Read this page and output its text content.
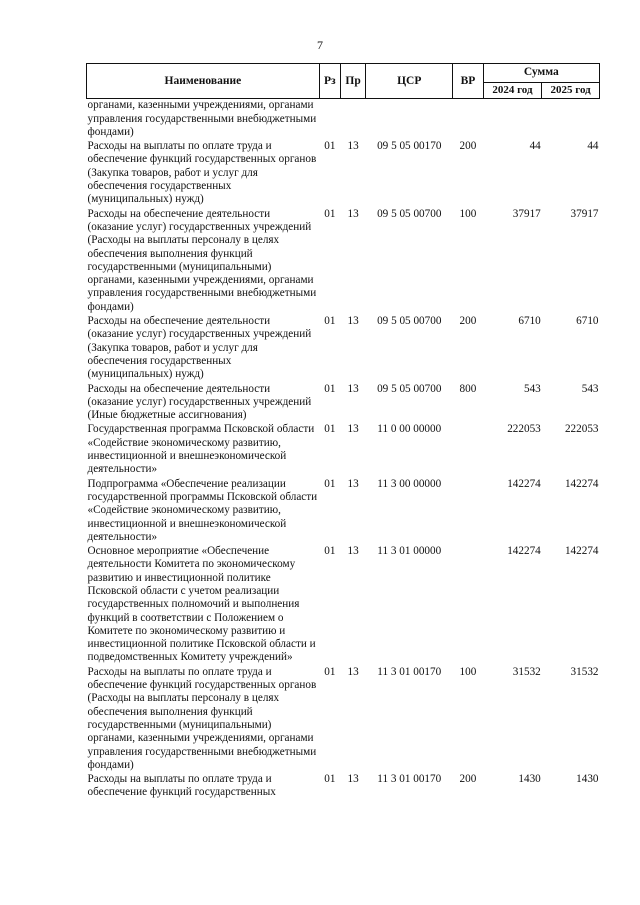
7
Наименование	Рз	Пр	ЦСР	ВР	Сумма	
					2024 год	2025 год
органами, казенными учреждениями, органами управления государственными внебюджетными фондами)						
Расходы на выплаты по оплате труда и обеспечение функций государственных органов (Закупка товаров, работ и услуг для обеспечения государственных (муниципальных) нужд)	01	13	09 5 05 00170	200	44	44
Расходы на обеспечение деятельности (оказание услуг) государственных учреждений (Расходы на выплаты персоналу в целях обеспечения выполнения функций государственными (муниципальными) органами, казенными учреждениями, органами управления государственными внебюджетными фондами)	01	13	09 5 05 00700	100	37917	37917
Расходы на обеспечение деятельности (оказание услуг) государственных учреждений (Закупка товаров, работ и услуг для обеспечения государственных (муниципальных) нужд)	01	13	09 5 05 00700	200	6710	6710
Расходы на обеспечение деятельности (оказание услуг) государственных учреждений (Иные бюджетные ассигнования)	01	13	09 5 05 00700	800	543	543
Государственная программа Псковской области «Содействие экономическому развитию, инвестиционной и внешнеэкономической деятельности»	01	13	11 0 00 00000		222053	222053
Подпрограмма «Обеспечение реализации государственной программы Псковской области «Содействие экономическому развитию, инвестиционной и внешнеэкономической деятельности»	01	13	11 3 00 00000		142274	142274
Основное мероприятие «Обеспечение деятельности Комитета по экономическому развитию и инвестиционной политике Псковской области с учетом реализации государственных полномочий и выполнения функций в соответствии с Положением о Комитете по экономическому развитию и инвестиционной политике Псковской области и подведомственных Комитету учреждений»	01	13	11 3 01 00000		142274	142274
Расходы на выплаты по оплате труда и обеспечение функций государственных органов (Расходы на выплаты персоналу в целях обеспечения выполнения функций государственными (муниципальными) органами, казенными учреждениями, органами управления государственными внебюджетными фондами)	01	13	11 3 01 00170	100	31532	31532
Расходы на выплаты по оплате труда и обеспечение функций государственных	01	13	11 3 01 00170	200	1430	1430
